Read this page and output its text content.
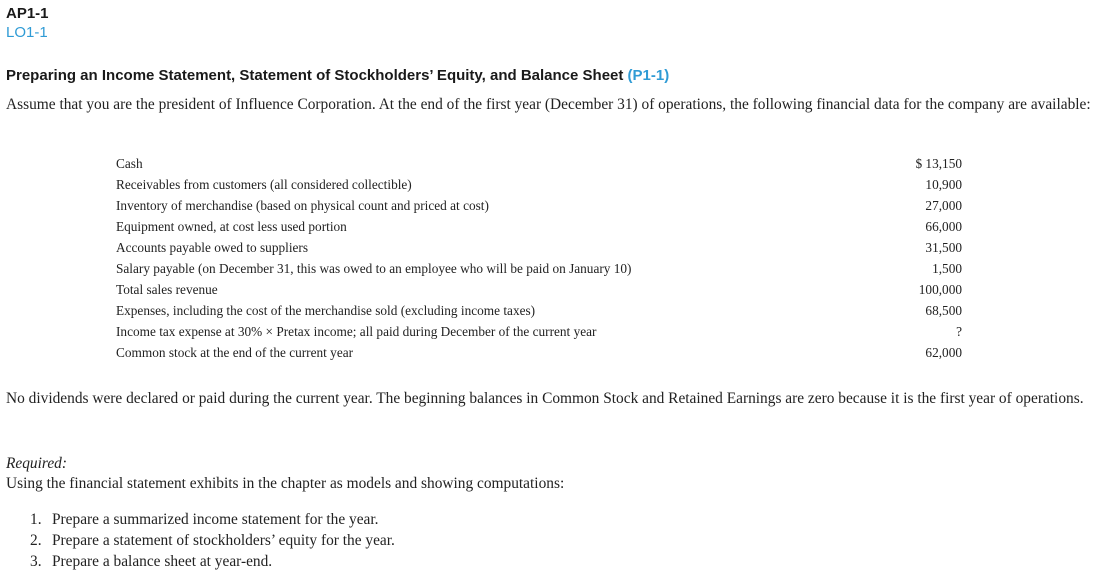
AP1-1
LO1-1
Preparing an Income Statement, Statement of Stockholders’ Equity, and Balance Sheet (P1-1)
Assume that you are the president of Influence Corporation. At the end of the first year (December 31) of operations, the following financial data for the company are available:
Cash	$ 13,150
Receivables from customers (all considered collectible)	10,900
Inventory of merchandise (based on physical count and priced at cost)	27,000
Equipment owned, at cost less used portion	66,000
Accounts payable owed to suppliers	31,500
Salary payable (on December 31, this was owed to an employee who will be paid on January 10)	1,500
Total sales revenue	100,000
Expenses, including the cost of the merchandise sold (excluding income taxes)	68,500
Income tax expense at 30% × Pretax income; all paid during December of the current year	?
Common stock at the end of the current year	62,000
No dividends were declared or paid during the current year. The beginning balances in Common Stock and Retained Earnings are zero because it is the first year of operations.
Required:
Using the financial statement exhibits in the chapter as models and showing computations:
1. Prepare a summarized income statement for the year.
2. Prepare a statement of stockholders’ equity for the year.
3. Prepare a balance sheet at year-end.
